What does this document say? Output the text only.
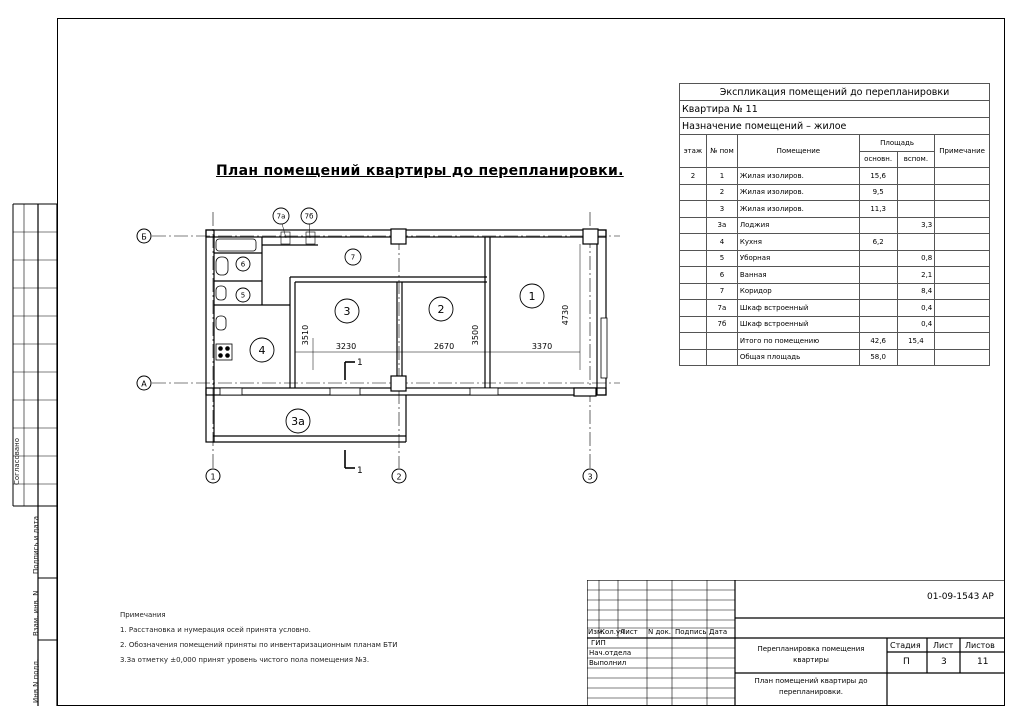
Согласовано
Взам. инв. N
Подпись и дата
Инв.N подл.
План помещений квартиры до перепланировки.
Б
А
1	2	3
1
2
3
3а
4
5
6
7
7а	7б
3230	2670	3370
3510	3500
4730
1
1
Экспликация помещений до перепланировки					
Квартира № 11					
Назначение помещений – жилое					
этаж	№ пом	Помещение	Площадь		Примечание
			основн.	вспом.	
2	1	Жилая изолиров.	15,6		
	2	Жилая изолиров.	9,5		
	3	Жилая изолиров.	11,3		
	3а	Лоджия		3,3	
	4	Кухня	6,2		
	5	Уборная		0,8	
	6	Ванная		2,1	
	7	Коридор		8,4	
	7а	Шкаф встроенный		0,4	
	7б	Шкаф встроенный		0,4	
		Итого по помещению	42,6	15,4	
		Общая площадь	58,0		
Примечания
1. Расстановка и нумерация осей принята условно.
2. Обозначения помещений приняты по инвентаризационным планам БТИ
3.За отметку ±0,000 принят уровень чистого пола помещения №3.
Изм.
Кол.уч
Лист N док. Подпись Дата
ГИП
Нач.отдела
Выполнил
01-09-1543 АР
Перепланировка помещения квартиры
План помещений квартиры до перепланировки.
Стадия Лист Листов
П	3	11
